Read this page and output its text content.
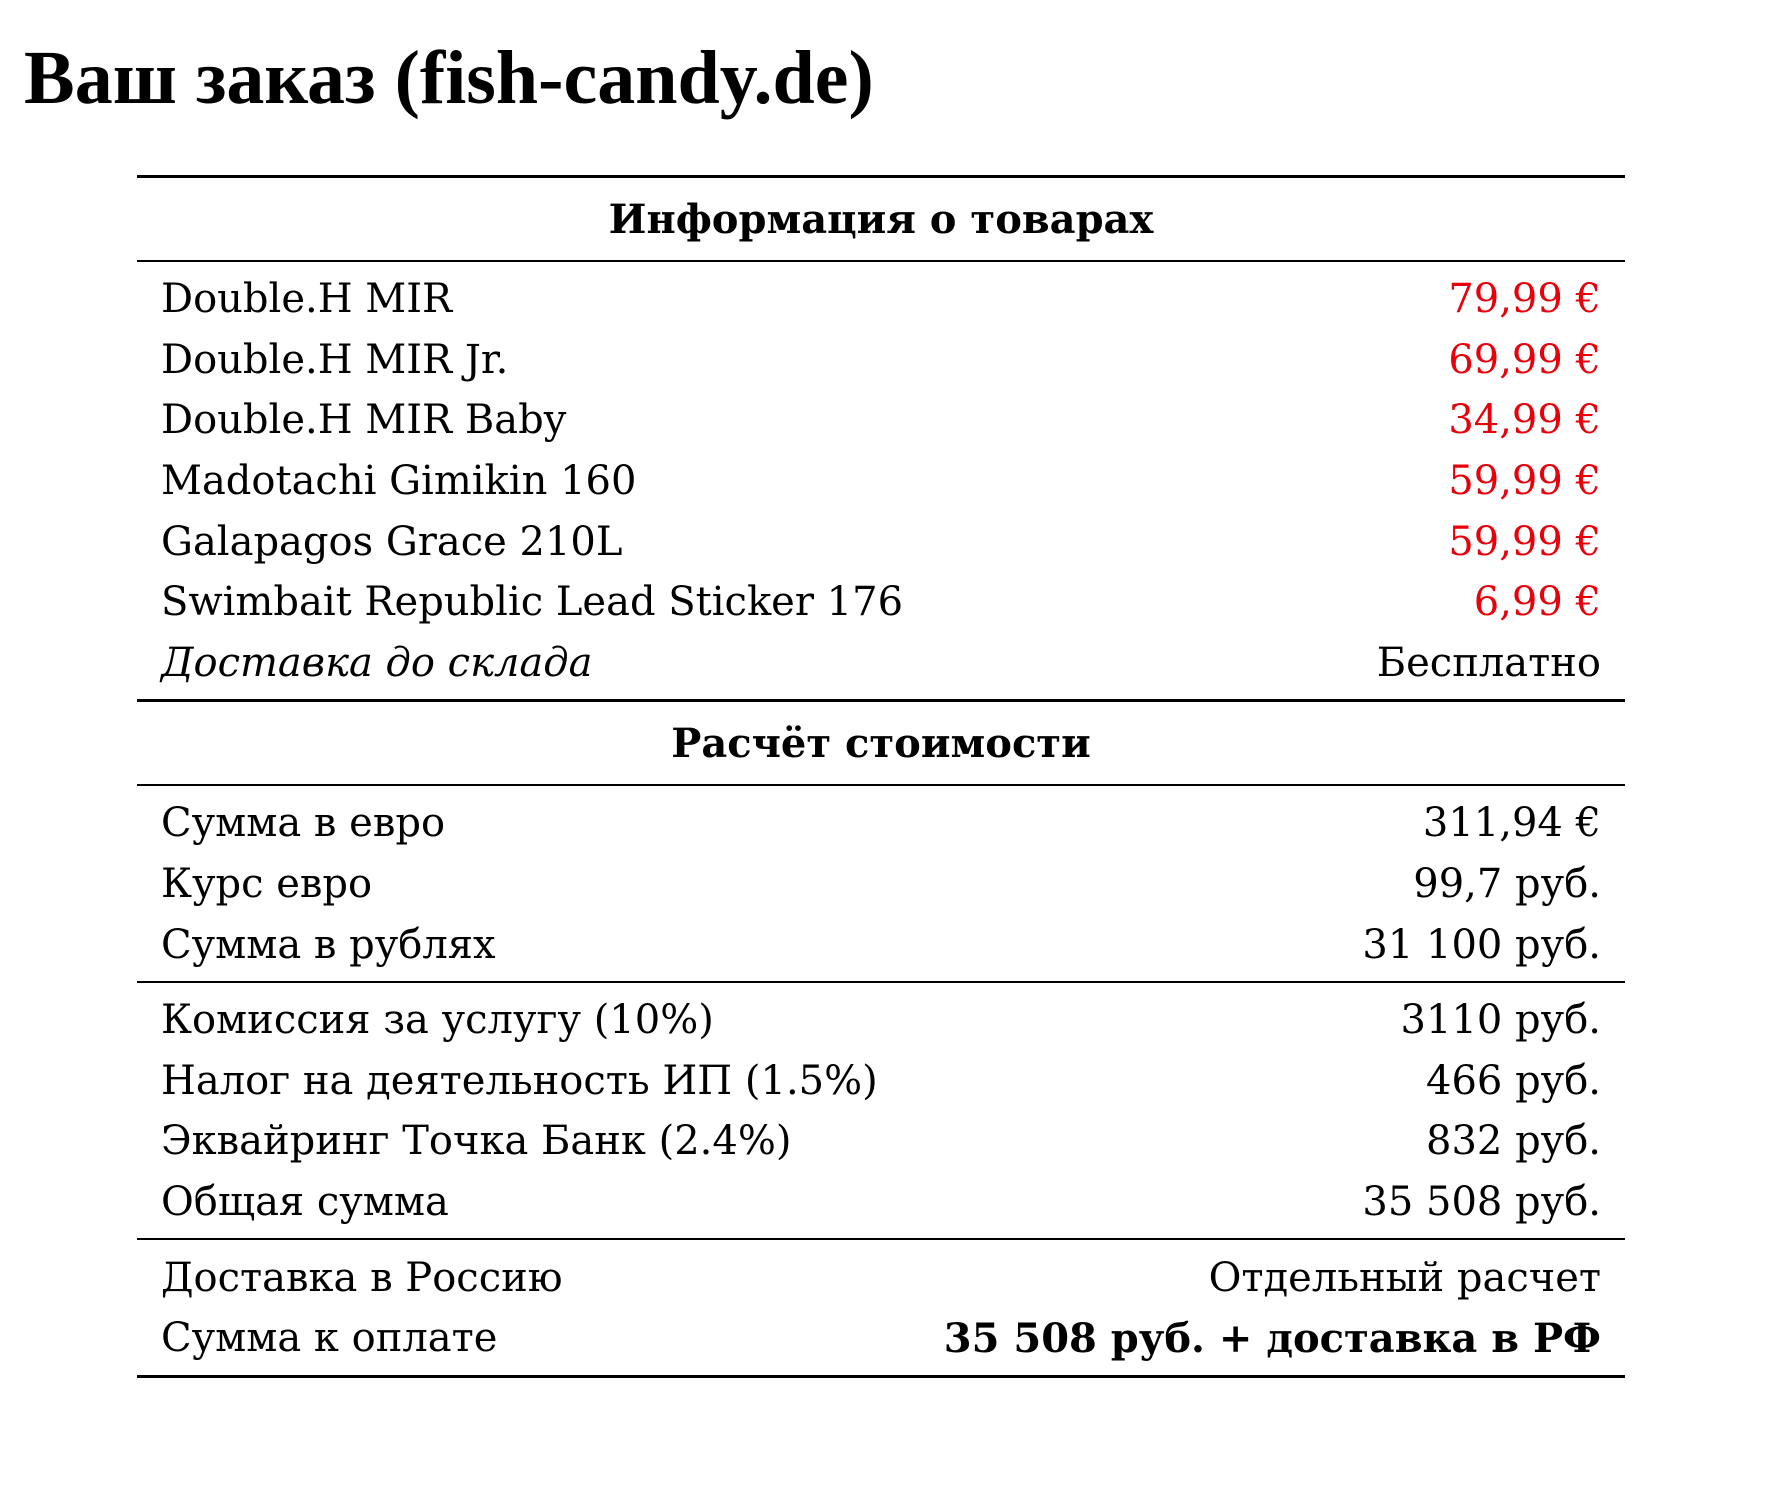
Ваш заказ (fish-candy.de)
Информация о товарах
Double.H MIR	79,99 €
Double.H MIR Jr.	69,99 €
Double.H MIR Baby	34,99 €
Madotachi Gimikin 160	59,99 €
Galapagos Grace 210L	59,99 €
Swimbait Republic Lead Sticker 176	6,99 €
Доставка до склада	Бесплатно
Расчёт стоимости
Сумма в евро	311,94 €
Курс евро	99,7 руб.
Сумма в рублях	31 100 руб.
Комиссия за услугу (10%)	3110 руб.
Налог на деятельность ИП (1.5%)	466 руб.
Эквайринг Точка Банк (2.4%)	832 руб.
Общая сумма	35 508 руб.
Доставка в Россию	Отдельный расчет
Сумма к оплате	35 508 руб. + доставка в РФ
